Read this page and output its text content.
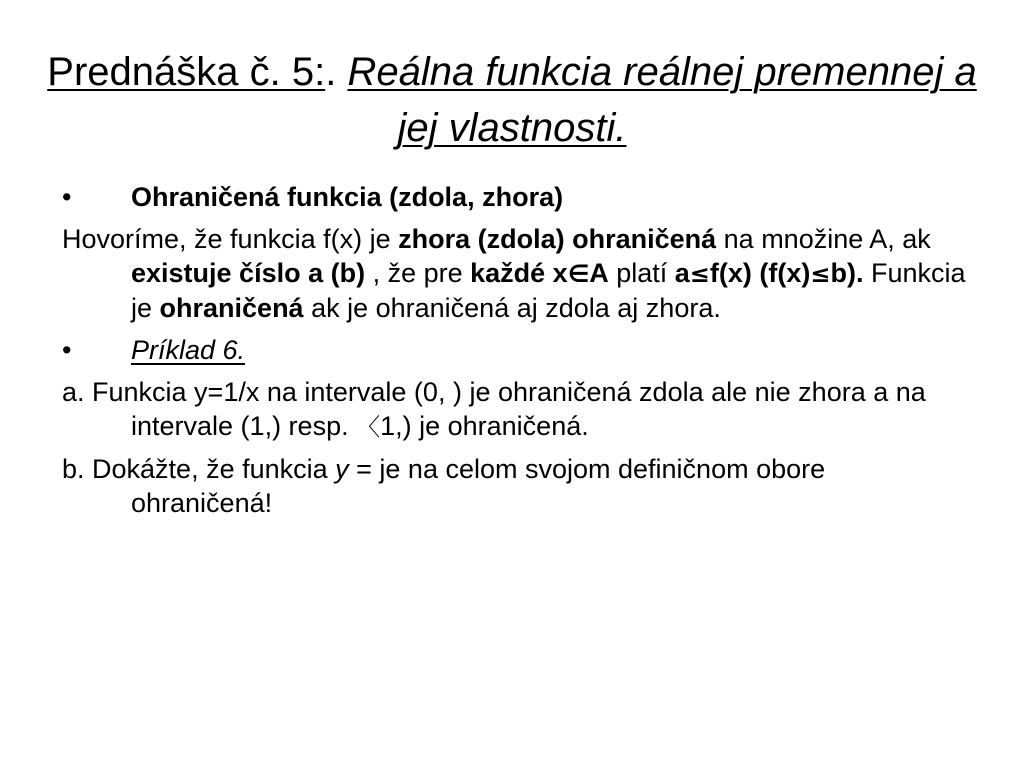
Prednáška č. 5:. Reálna funkcia reálnej premennej a jej vlastnosti.
• Ohraničená funkcia (zdola, zhora)
Hovoríme, že funkcia f(x) je zhora (zdola) ohraničená na množine A, ak existuje číslo a (b) , že pre každé x∈A platí a≤f(x) (f(x)≤b). Funkcia je ohraničená ak je ohraničená aj zdola aj zhora.
• Príklad 6.
a. Funkcia y=1/x na intervale (0, ) je ohraničená zdola ale nie zhora a na intervale (1,) resp. 〈1,) je ohraničená.
b. Dokážte, že funkcia y = je na celom svojom definičnom obore ohraničená!
